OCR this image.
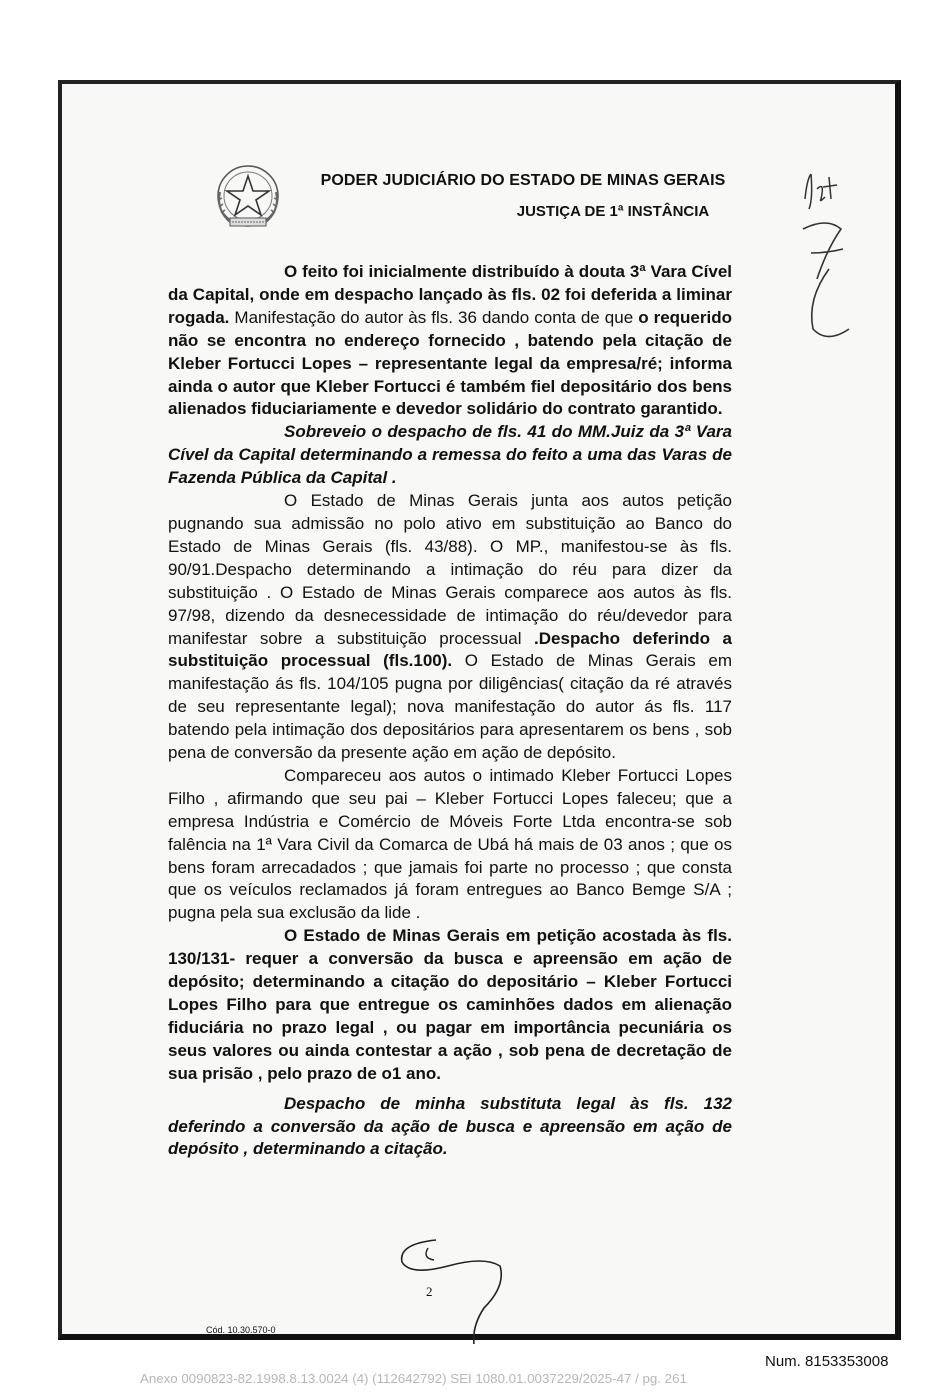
PODER JUDICIÁRIO DO ESTADO DE MINAS GERAIS
JUSTIÇA DE 1ª INSTÂNCIA

O feito foi inicialmente distribuído à douta 3ª Vara Cível da Capital, onde em despacho lançado às fls. 02 foi deferida a liminar rogada. Manifestação do autor às fls. 36 dando conta de que o requerido não se encontra no endereço fornecido , batendo pela citação de Kleber Fortucci Lopes – representante legal da empresa/ré; informa ainda o autor que Kleber Fortucci é também fiel depositário dos bens alienados fiduciariamente e devedor solidário do contrato garantido.

Sobreveio o despacho de fls. 41 do MM.Juiz da 3ª Vara Cível da Capital determinando a remessa do feito a uma das Varas de Fazenda Pública da Capital .

O Estado de Minas Gerais junta aos autos petição pugnando sua admissão no polo ativo em substituição ao Banco do Estado de Minas Gerais (fls. 43/88). O MP., manifestou-se às fls. 90/91.Despacho determinando a intimação do réu para dizer da substituição . O Estado de Minas Gerais comparece aos autos às fls. 97/98, dizendo da desnecessidade de intimação do réu/devedor para manifestar sobre a substituição processual .Despacho deferindo a substituição processual (fls.100). O Estado de Minas Gerais em manifestação ás fls. 104/105 pugna por diligências( citação da ré através de seu representante legal); nova manifestação do autor ás fls. 117 batendo pela intimação dos depositários para apresentarem os bens , sob pena de conversão da presente ação em ação de depósito.

Compareceu aos autos o intimado Kleber Fortucci Lopes Filho , afirmando que seu pai – Kleber Fortucci Lopes faleceu; que a empresa Indústria e Comércio de Móveis Forte Ltda encontra-se sob falência na 1ª Vara Civil da Comarca de Ubá há mais de 03 anos ; que os bens foram arrecadados ; que jamais foi parte no processo ; que consta que os veículos reclamados já foram entregues ao Banco Bemge S/A ; pugna pela sua exclusão da lide .

O Estado de Minas Gerais em petição acostada às fls. 130/131- requer a conversão da busca e apreensão em ação de depósito; determinando a citação do depositário – Kleber Fortucci Lopes Filho para que entregue os caminhões dados em alienação fiduciária no prazo legal , ou pagar em importância pecuniária os seus valores ou ainda contestar a ação , sob pena de decretação de sua prisão , pelo prazo de o1 ano.

Despacho de minha substituta legal às fls. 132 deferindo a conversão da ação de busca e apreensão em ação de depósito , determinando a citação.

2
Cód. 10.30.570-0
Num. 8153353008
Anexo 0090823-82.1998.8.13.0024 (4) (112642792) SEI 1080.01.0037229/2025-47 / pg. 261
